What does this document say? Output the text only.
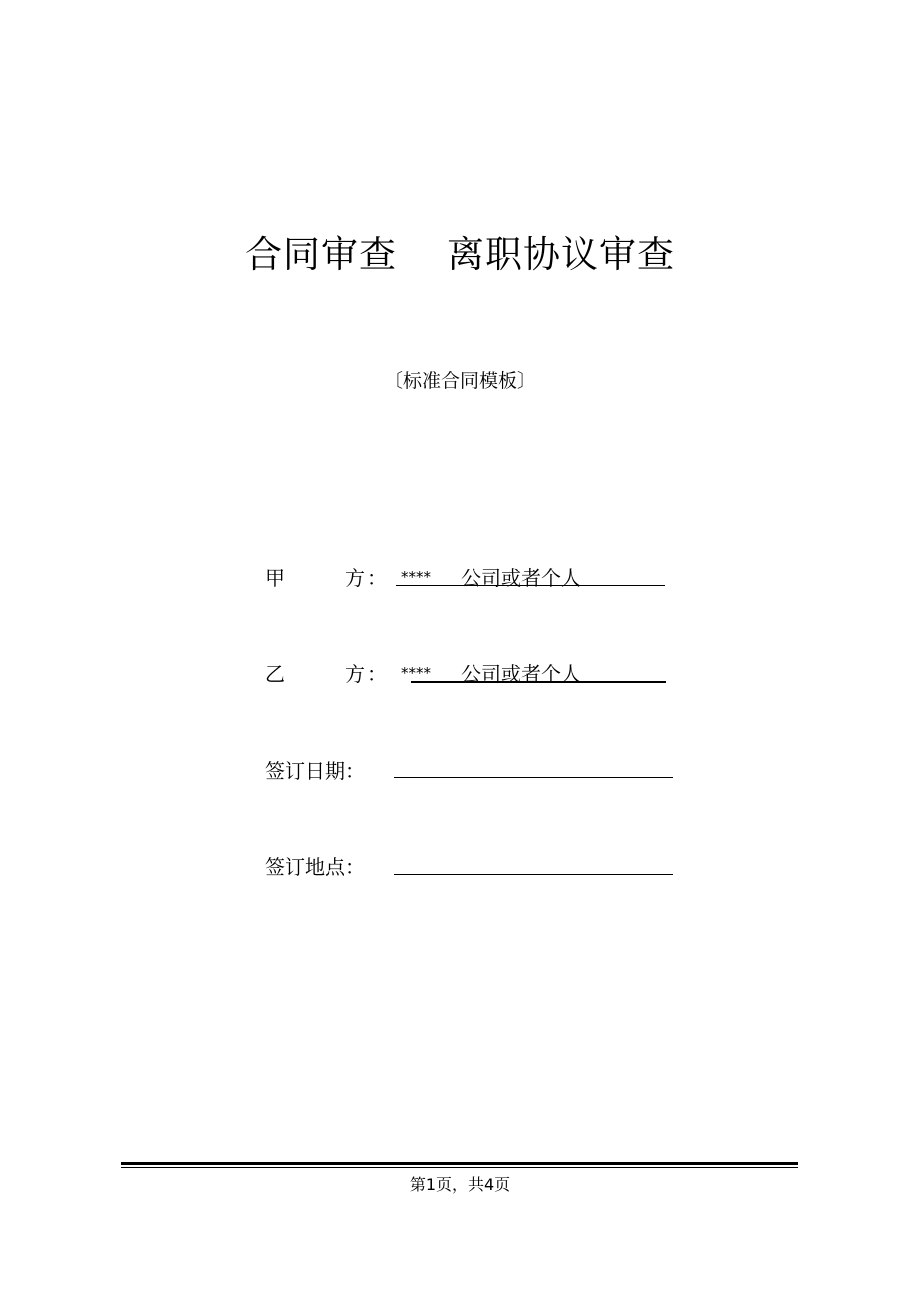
合同审查 离职协议审查
〔标准合同模板〕
甲	方 ： **** 公司或者个人
乙	方 ： **** 公司或者个人
签订日期：
签订地点：
第1页，共4页
